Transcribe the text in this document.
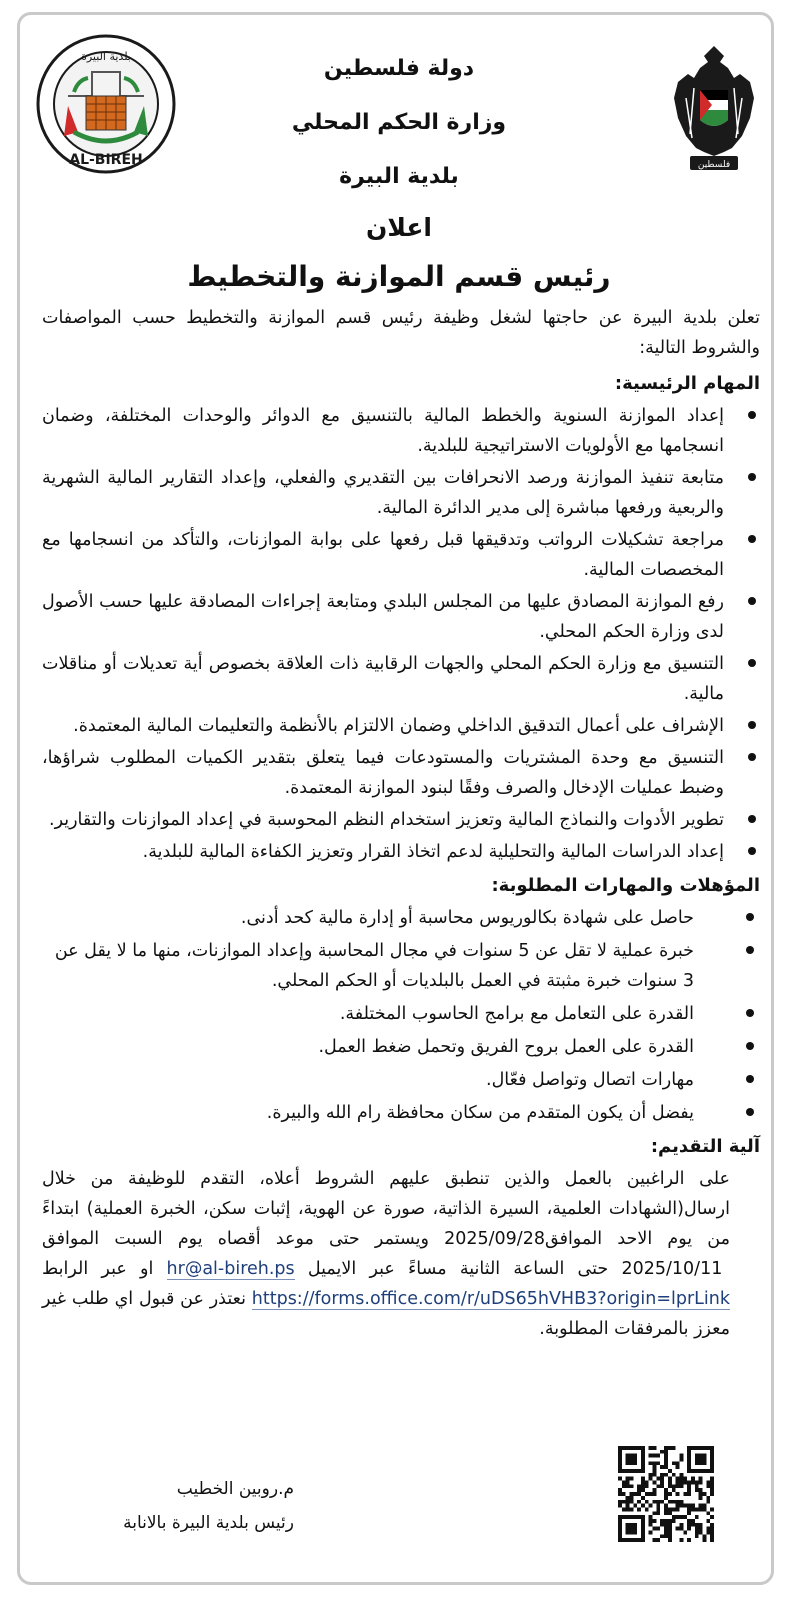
فلسطين
بلدية البيرة
AL-BIREH
دولة فلسطين
وزارة الحكم المحلي
بلدية البيرة
اعلان
رئيس قسم الموازنة والتخطيط

تعلن بلدية البيرة عن حاجتها لشغل وظيفة رئيس قسم الموازنة والتخطيط حسب المواصفات والشروط التالية:

المهام الرئيسية:
إعداد الموازنة السنوية والخطط المالية بالتنسيق مع الدوائر والوحدات المختلفة، وضمان انسجامها مع الأولويات الاستراتيجية للبلدية.
متابعة تنفيذ الموازنة ورصد الانحرافات بين التقديري والفعلي، وإعداد التقارير المالية الشهرية والربعية ورفعها مباشرة إلى مدير الدائرة المالية.
مراجعة تشكيلات الرواتب وتدقيقها قبل رفعها على بوابة الموازنات، والتأكد من انسجامها مع المخصصات المالية.
رفع الموازنة المصادق عليها من المجلس البلدي ومتابعة إجراءات المصادقة عليها حسب الأصول لدى وزارة الحكم المحلي.
التنسيق مع وزارة الحكم المحلي والجهات الرقابية ذات العلاقة بخصوص أية تعديلات أو مناقلات مالية.
الإشراف على أعمال التدقيق الداخلي وضمان الالتزام بالأنظمة والتعليمات المالية المعتمدة.
التنسيق مع وحدة المشتريات والمستودعات فيما يتعلق بتقدير الكميات المطلوب شراؤها، وضبط عمليات الإدخال والصرف وفقًا لبنود الموازنة المعتمدة.
تطوير الأدوات والنماذج المالية وتعزيز استخدام النظم المحوسبة في إعداد الموازنات والتقارير.
إعداد الدراسات المالية والتحليلية لدعم اتخاذ القرار وتعزيز الكفاءة المالية للبلدية.
المؤهلات والمهارات المطلوبة:
حاصل على شهادة بكالوريوس محاسبة أو إدارة مالية كحد أدنى.
خبرة عملية لا تقل عن 5 سنوات في مجال المحاسبة وإعداد الموازنات، منها ما لا يقل عن 3 سنوات خبرة مثبتة في العمل بالبلديات أو الحكم المحلي.
القدرة على التعامل مع برامج الحاسوب المختلفة.
القدرة على العمل بروح الفريق وتحمل ضغط العمل.
مهارات اتصال وتواصل فعّال.
يفضل أن يكون المتقدم من سكان محافظة رام الله والبيرة.
آلية التقديم:

على الراغبين بالعمل والذين تنطبق عليهم الشروط أعلاه، التقدم للوظيفة من خلال ارسال(الشهادات العلمية، السيرة الذاتية، صورة عن الهوية، إثبات سكن، الخبرة العملية) ابتداءً من يوم الاحد الموافق2025/09/28 ويستمر حتى موعد أقصاه يوم السبت الموافق 2025/10/11 حتى الساعة الثانية مساءً عبر الايميل hr@al-bireh.ps او عبر الرابط https://forms.office.com/r/uDS65hVHB3?origin=lprLink نعتذر عن قبول اي طلب غير معزز بالمرفقات المطلوبة.

م.روبين الخطيب
رئيس بلدية البيرة بالانابة
